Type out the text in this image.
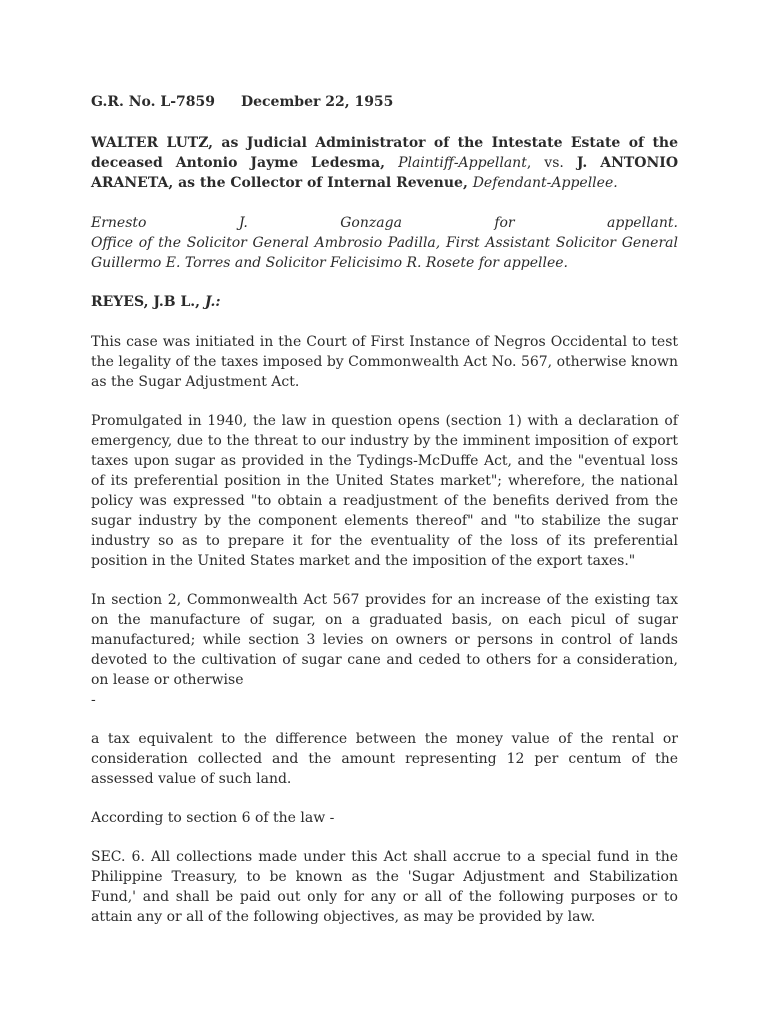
G.R. No. L-7859 December 22, 1955

WALTER LUTZ, as Judicial Administrator of the Intestate Estate of the deceased Antonio Jayme Ledesma, Plaintiff-Appellant, vs. J. ANTONIO ARANETA, as the Collector of Internal Revenue, Defendant-Appellee.

Ernesto J. Gonzaga for appellant.
Office of the Solicitor General Ambrosio Padilla, First Assistant Solicitor General Guillermo E. Torres and Solicitor Felicisimo R. Rosete for appellee.

REYES, J.B L., J.:

This case was initiated in the Court of First Instance of Negros Occidental to test the legality of the taxes imposed by Commonwealth Act No. 567, otherwise known as the Sugar Adjustment Act.

Promulgated in 1940, the law in question opens (section 1) with a declaration of emergency, due to the threat to our industry by the imminent imposition of export taxes upon sugar as provided in the Tydings-McDuffe Act, and the "eventual loss of its preferential position in the United States market"; wherefore, the national policy was expressed "to obtain a readjustment of the benefits derived from the sugar industry by the component elements thereof" and "to stabilize the sugar industry so as to prepare it for the eventuality of the loss of its preferential position in the United States market and the imposition of the export taxes."

In section 2, Commonwealth Act 567 provides for an increase of the existing tax on the manufacture of sugar, on a graduated basis, on each picul of sugar manufactured; while section 3 levies on owners or persons in control of lands devoted to the cultivation of sugar cane and ceded to others for a consideration, on lease or otherwise

-

a tax equivalent to the difference between the money value of the rental or consideration collected and the amount representing 12 per centum of the assessed value of such land.

According to section 6 of the law -

SEC. 6. All collections made under this Act shall accrue to a special fund in the Philippine Treasury, to be known as the 'Sugar Adjustment and Stabilization Fund,' and shall be paid out only for any or all of the following purposes or to attain any or all of the following objectives, as may be provided by law.
